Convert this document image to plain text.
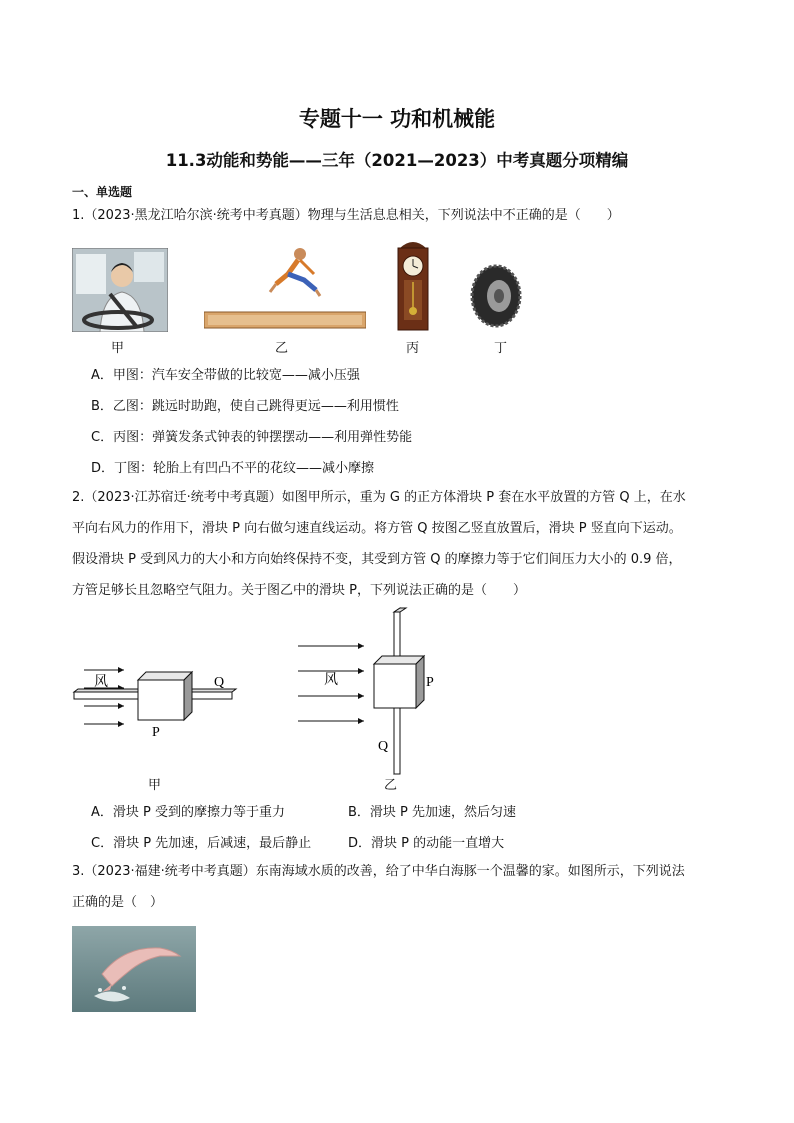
专题十一 功和机械能
11.3动能和势能——三年（2021—2023）中考真题分项精编
一、单选题
1.（2023·黑龙江哈尔滨·统考中考真题）物理与生活息息相关，下列说法中不正确的是（　　）
甲	乙	丙	丁
A．甲图：汽车安全带做的比较宽——减小压强
B．乙图：跳远时助跑，使自己跳得更远——利用惯性
C．丙图：弹簧发条式钟表的钟摆摆动——利用弹性势能
D．丁图：轮胎上有凹凸不平的花纹——减小摩擦
2.（2023·江苏宿迁·统考中考真题）如图甲所示，重为 G 的正方体滑块 P 套在水平放置的方管 Q 上，在水
平向右风力的作用下，滑块 P 向右做匀速直线运动。将方管 Q 按图乙竖直放置后，滑块 P 竖直向下运动。
假设滑块 P 受到风力的大小和方向始终保持不变，其受到方管 Q 的摩擦力等于它们间压力大小的 0.9 倍，
方管足够长且忽略空气阻力。关于图乙中的滑块 P，下列说法正确的是（　　）
风	Q
P
甲
风	P
Q
乙
A．滑块 P 受到的摩擦力等于重力	B．滑块 P 先加速，然后匀速
C．滑块 P 先加速，后减速，最后静止	D．滑块 P 的动能一直增大
3.（2023·福建·统考中考真题）东南海域水质的改善，给了中华白海豚一个温馨的家。如图所示，下列说法
正确的是（　）
